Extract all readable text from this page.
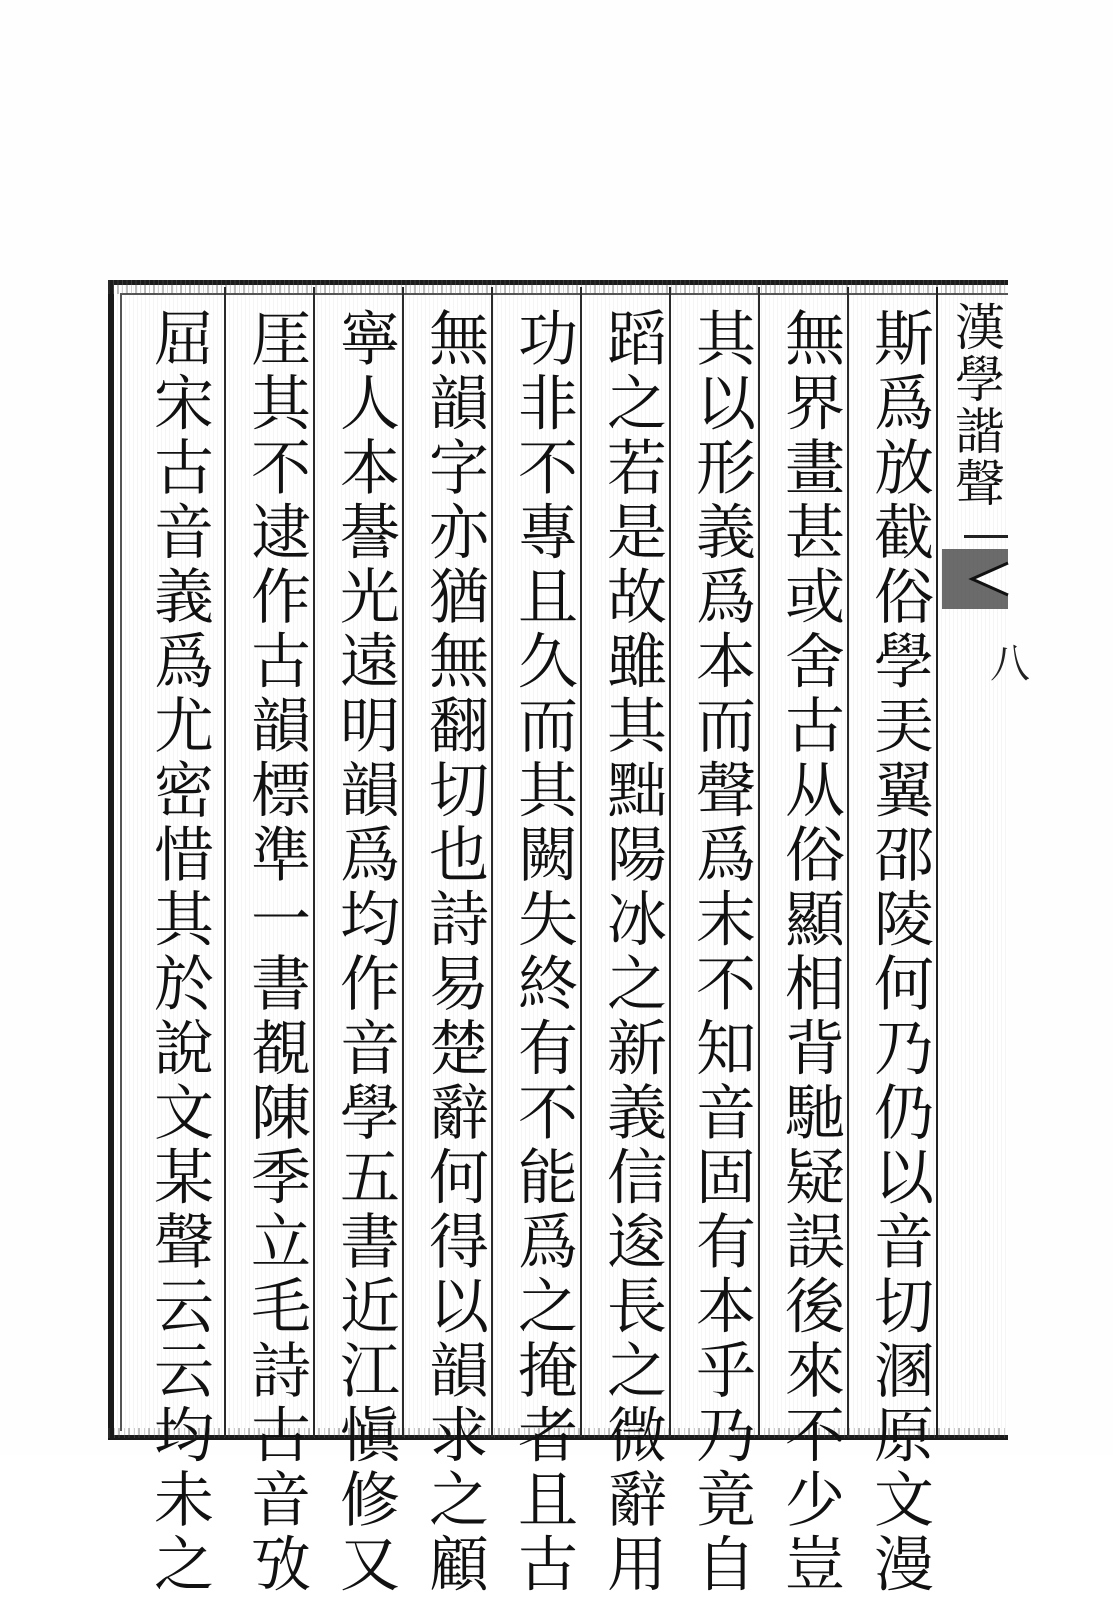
漢學諧聲
八
斯爲放截俗學㺯翼邵陵何乃仍以音切溷原文漫
無界畫甚或舍古从俗顯相背馳疑誤後來不少豈
其以形義爲本而聲爲末不知音固有本乎乃竟自
蹈之若是故雖其黜陽冰之新義信逡長之微辭用
功非不專且久而其闕失終有不能爲之掩者且古
無韻字亦猶無翻切也詩易楚辭何得以韻求之顧
寧人本諅光遠明韻爲均作音學五書近江愼修又
厓其不逮作古韻標準一書覩陳季立毛詩古音攷
屈宋古音義爲尤密惜其於說文某聲云云均未之
